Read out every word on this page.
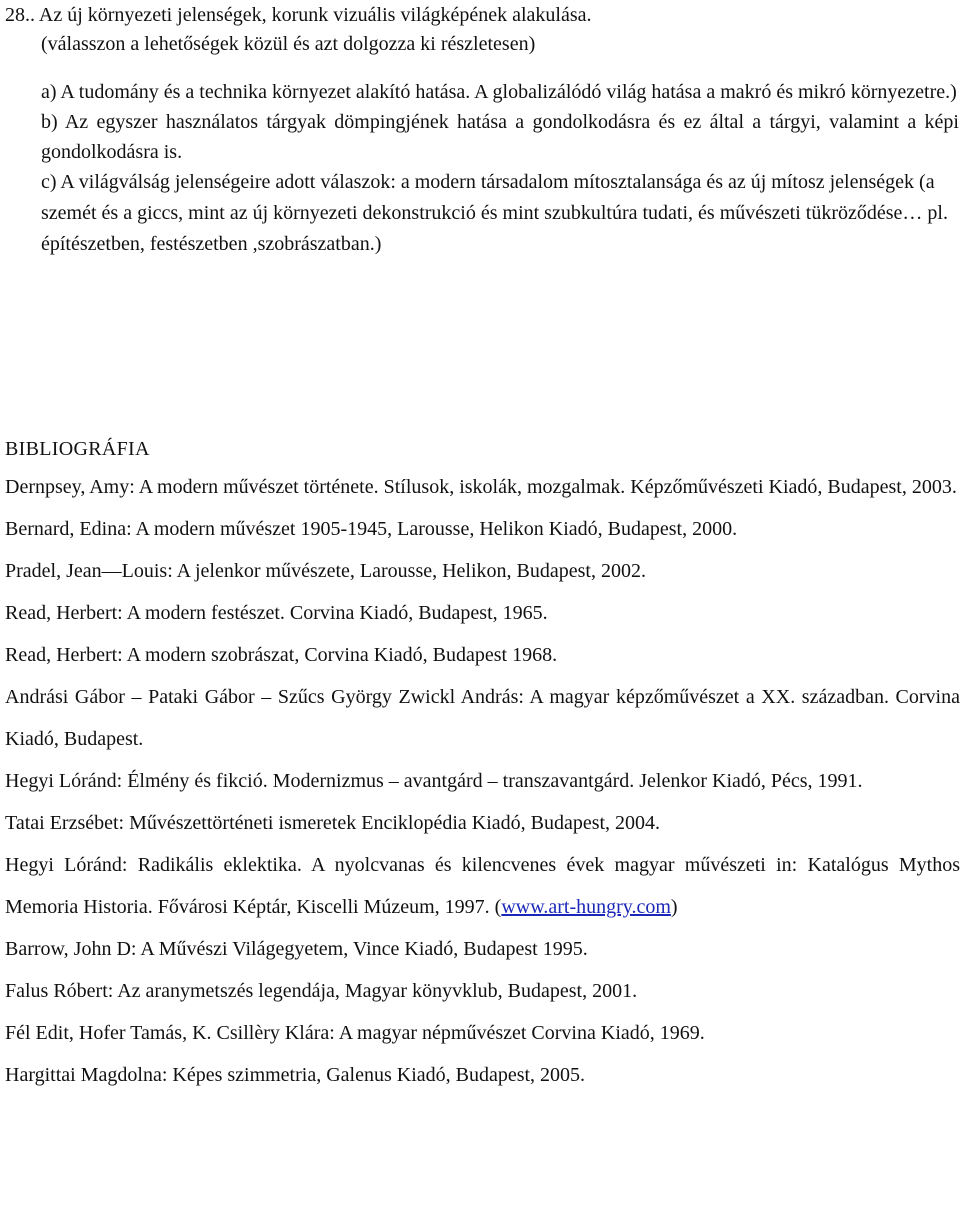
28.. Az új környezeti jelenségek, korunk vizuális világképének alakulása.
(válasszon a lehetőségek közül és azt dolgozza ki részletesen)

a) A tudomány és a technika környezet alakító hatása. A globalizálódó világ hatása a makró és mikró környezetre.)

b) Az egyszer használatos tárgyak dömpingjének hatása a gondolkodásra és ez által a tárgyi, valamint a képi gondolkodásra is.

c) A világválság jelenségeire adott válaszok: a modern társadalom mítosztalansága és az új mítosz jelenségek (a szemét és a giccs, mint az új környezeti dekonstrukció és mint szubkultúra tudati, és művészeti tükröződése… pl. építészetben, festészetben ,szobrászatban.)

BIBLIOGRÁFIA
Dernpsey, Amy: A modern művészet története. Stílusok, iskolák, mozgalmak. Képzőművészeti Kiadó, Budapest, 2003.
Bernard, Edina: A modern művészet 1905-1945, Larousse, Helikon Kiadó, Budapest, 2000.
Pradel, Jean—Louis: A jelenkor művészete, Larousse, Helikon, Budapest, 2002.
Read, Herbert: A modern festészet. Corvina Kiadó, Budapest, 1965.
Read, Herbert: A modern szobrászat, Corvina Kiadó, Budapest 1968.
Andrási Gábor – Pataki Gábor – Szűcs György Zwickl András: A magyar képzőművészet a XX. században. Corvina Kiadó, Budapest.
Hegyi Lóránd: Élmény és fikció. Modernizmus – avantgárd – transzavantgárd. Jelenkor Kiadó, Pécs, 1991.
Tatai Erzsébet: Művészettörténeti ismeretek Enciklopédia Kiadó, Budapest, 2004.
Hegyi Lóránd: Radikális eklektika. A nyolcvanas és kilencvenes évek magyar művészeti in: Katalógus Mythos Memoria Historia. Fővárosi Képtár, Kiscelli Múzeum, 1997. (www.art-hungry.com)
Barrow, John D: A Művészi Világegyetem, Vince Kiadó, Budapest 1995.
Falus Róbert: Az aranymetszés legendája, Magyar könyvklub, Budapest, 2001.
Fél Edit, Hofer Tamás, K. Csillèry Klára: A magyar népművészet Corvina Kiadó, 1969.
Hargittai Magdolna: Képes szimmetria, Galenus Kiadó, Budapest, 2005.
